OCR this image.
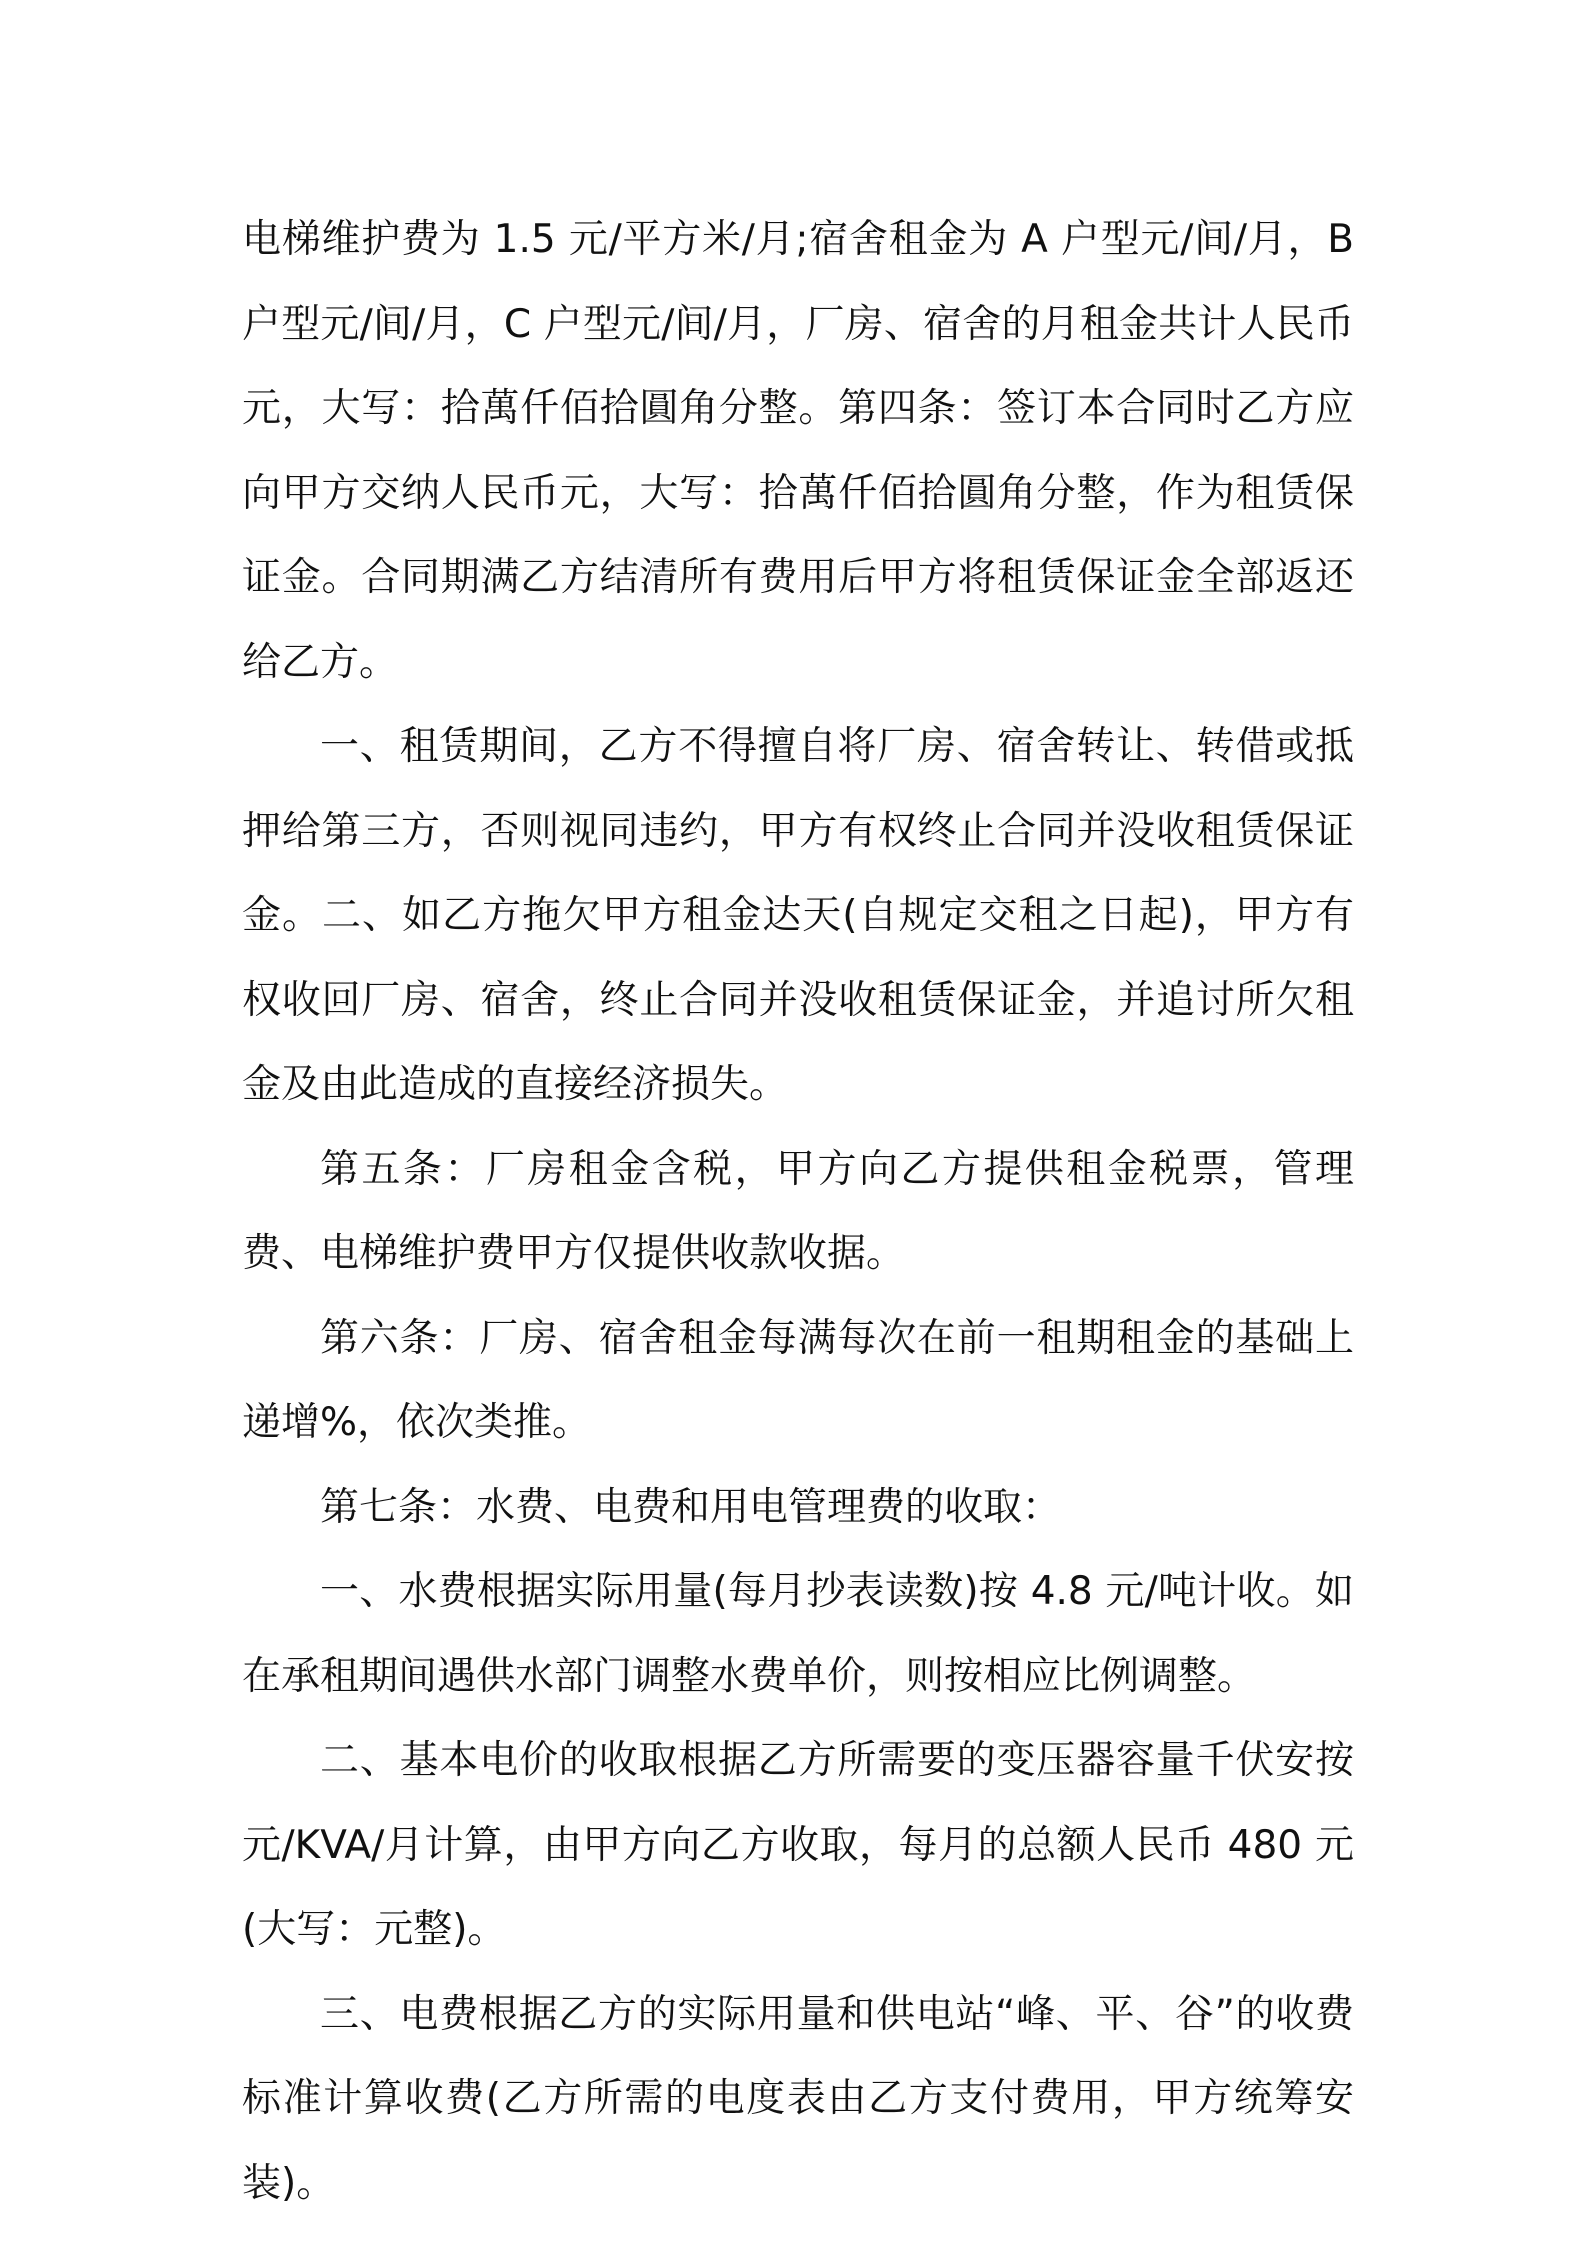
电梯维护费为 1.5 元/平方米/月;宿舍租金为 A 户型元/间/月，B 户型元/间/月，C 户型元/间/月，厂房、宿舍的月租金共计人民币元，大写：拾萬仟佰拾圓角分整。第四条：签订本合同时乙方应向甲方交纳人民币元，大写：拾萬仟佰拾圓角分整，作为租赁保证金。合同期满乙方结清所有费用后甲方将租赁保证金全部返还给乙方。

一、租赁期间，乙方不得擅自将厂房、宿舍转让、转借或抵押给第三方，否则视同违约，甲方有权终止合同并没收租赁保证金。二、如乙方拖欠甲方租金达天(自规定交租之日起)，甲方有权收回厂房、宿舍，终止合同并没收租赁保证金，并追讨所欠租金及由此造成的直接经济损失。

第五条：厂房租金含税，甲方向乙方提供租金税票，管理费、电梯维护费甲方仅提供收款收据。

第六条：厂房、宿舍租金每满每次在前一租期租金的基础上递增%，依次类推。

第七条：水费、电费和用电管理费的收取：

一、水费根据实际用量(每月抄表读数)按 4.8 元/吨计收。如在承租期间遇供水部门调整水费单价，则按相应比例调整。

二、基本电价的收取根据乙方所需要的变压器容量千伏安按元/KVA/月计算，由甲方向乙方收取，每月的总额人民币 480 元(大写：元整)。

三、电费根据乙方的实际用量和供电站“峰、平、谷”的收费标准计算收费(乙方所需的电度表由乙方支付费用，甲方统筹安装)。
